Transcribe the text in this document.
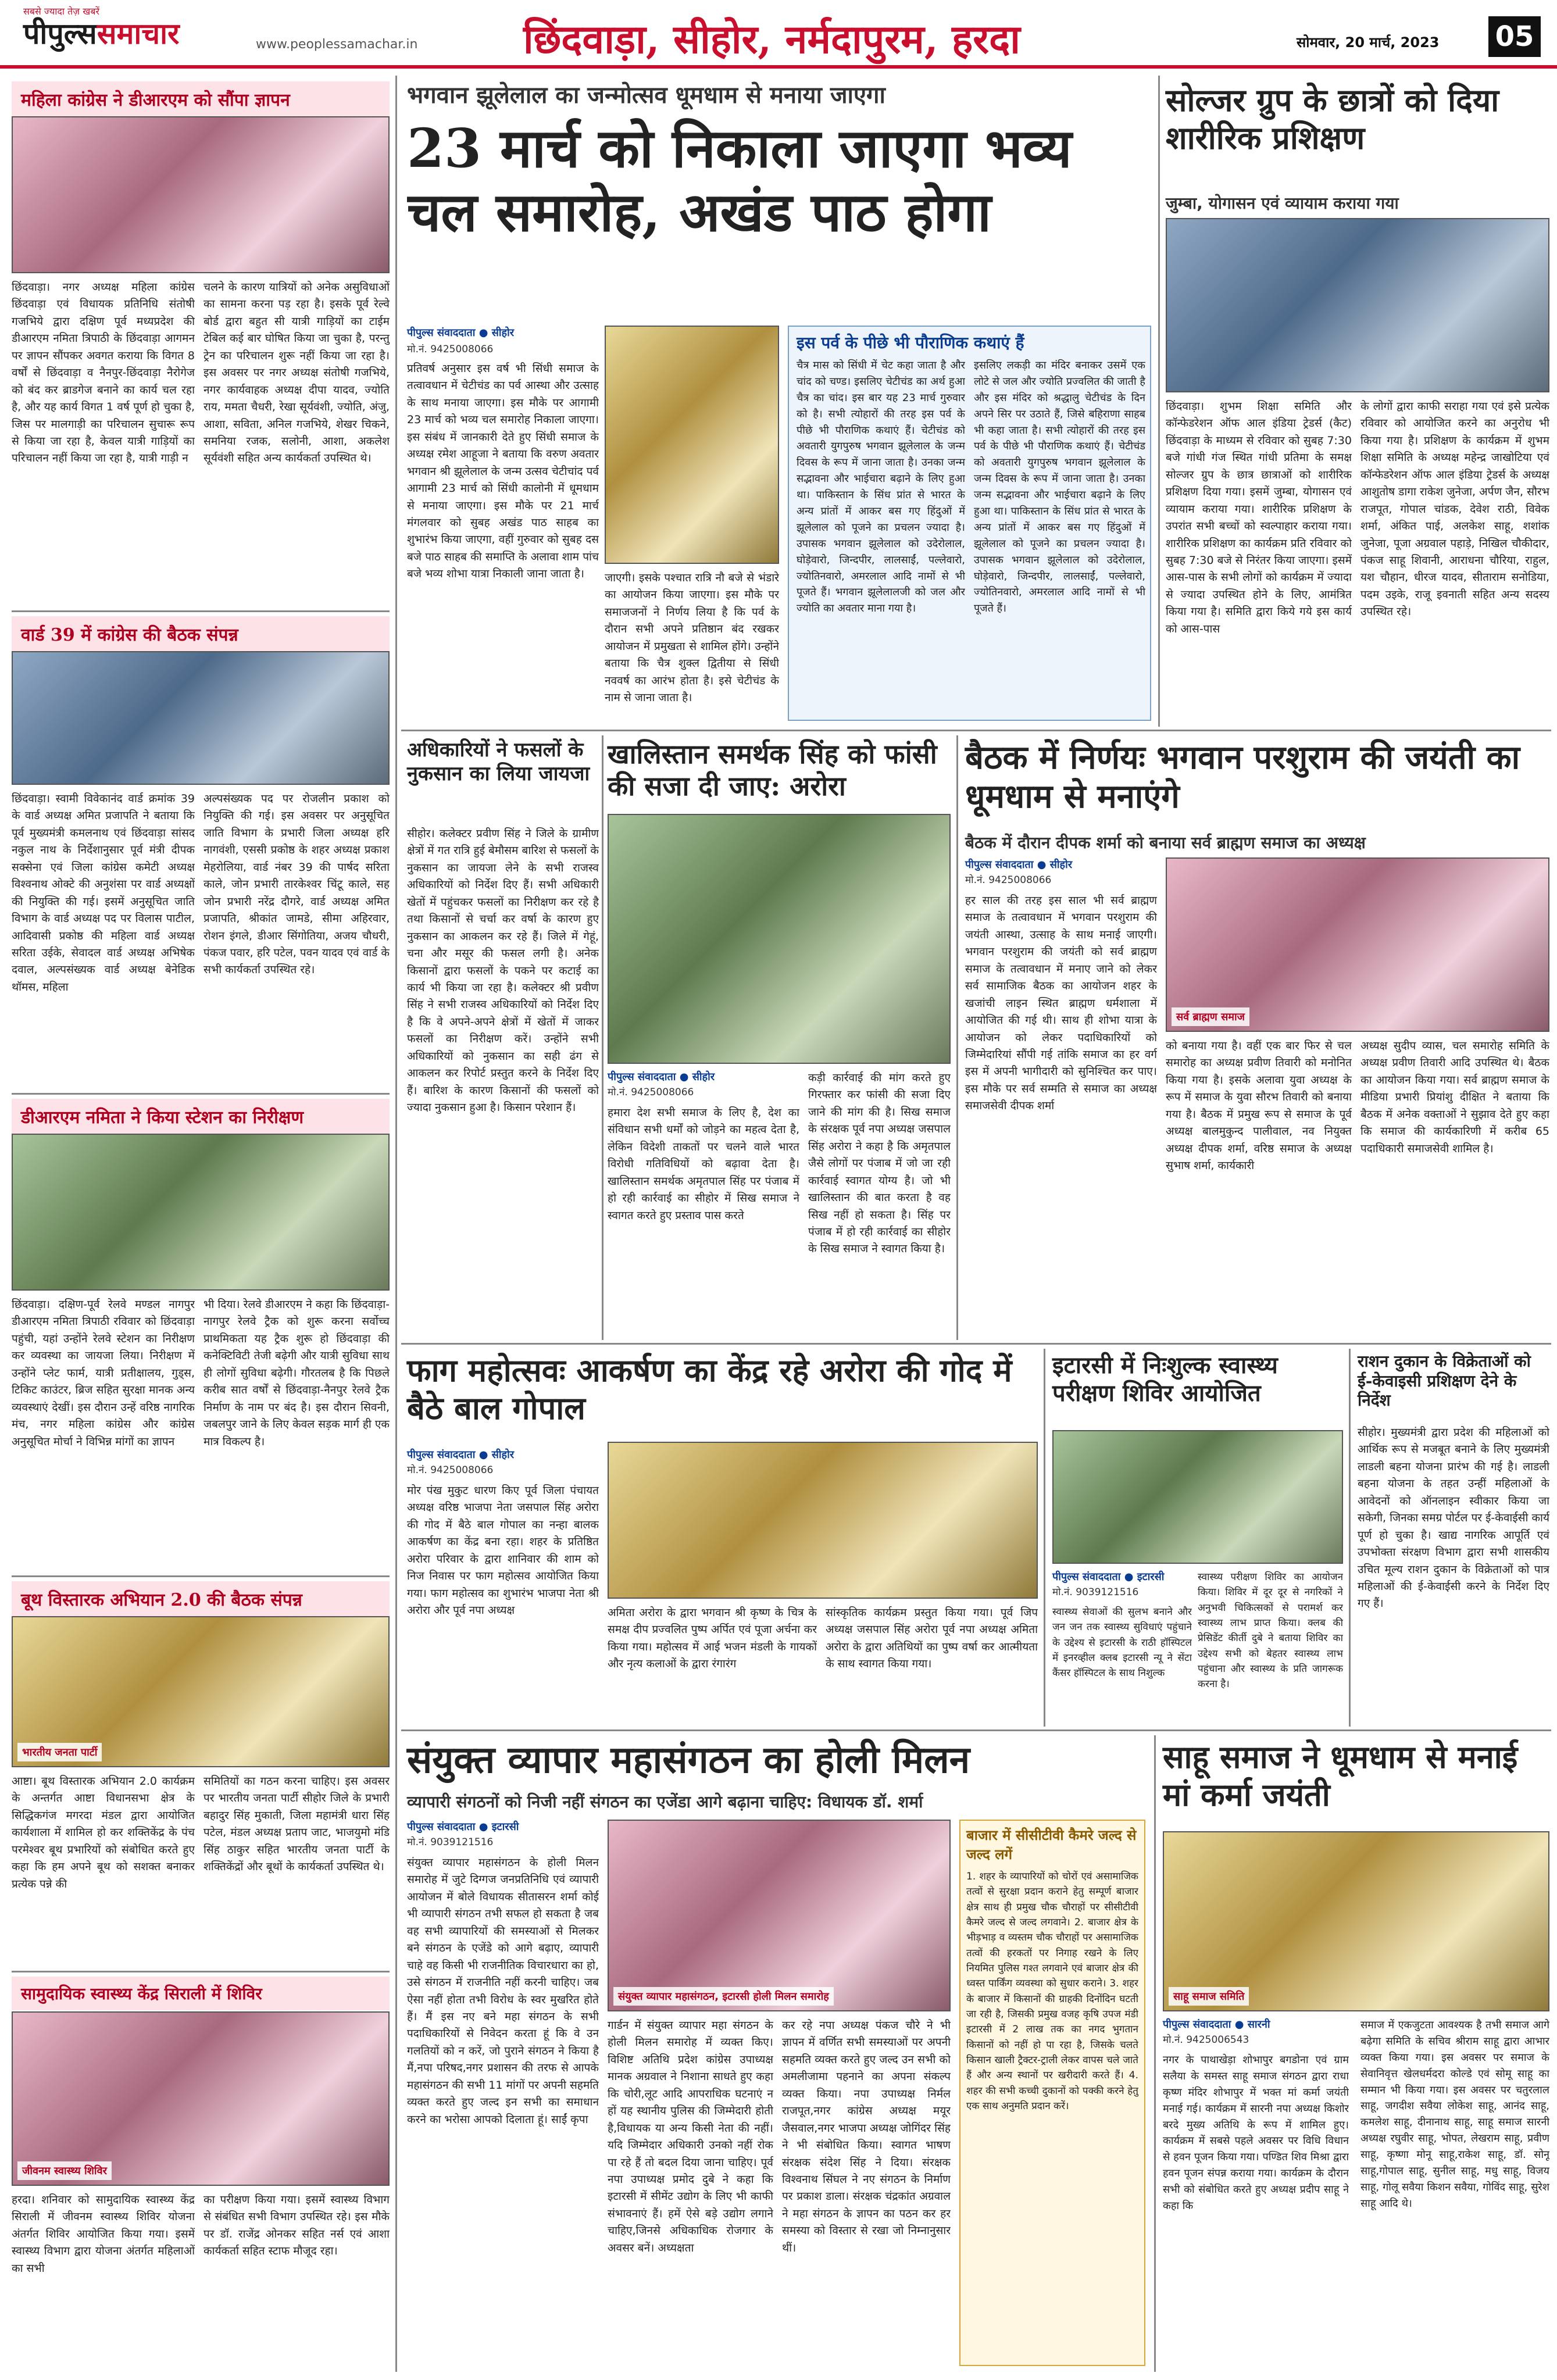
सबसे ज्यादा तेज़ खबरें
पीपुल्ससमाचार	www.peoplessamachar.in	छिंदवाड़ा, सीहोर, नर्मदापुरम, हरदा	सोमवार, 20 मार्च, 2023 05
महिला कांग्रेस ने डीआरएम को सौंपा ज्ञापन
छिंदवाड़ा। नगर अध्यक्ष महिला कांग्रेस छिंदवाड़ा एवं विधायक प्रतिनिधि संतोषी गजभिये द्वारा दक्षिण पूर्व मध्यप्रदेश की डीआरएम नमिता त्रिपाठी के छिंदवाड़ा आगमन पर ज्ञापन सौंपकर अवगत कराया कि विगत 8 वर्षों से छिंदवाड़ा व नैनपुर-छिंदवाड़ा नैरोगेज को बंद कर ब्राडगेज बनाने का कार्य चल रहा है, और यह कार्य विगत 1 वर्ष पूर्ण हो चुका है, जिस पर मालगाड़ी का परिचालन सुचारू रूप से किया जा रहा है, केवल यात्री गाड़ियों का परिचालन नहीं किया जा रहा है, यात्री गाड़ी न
चलने के कारण यात्रियों को अनेक असुविधाओं का सामना करना पड़ रहा है। इसके पूर्व रेल्वे बोर्ड द्वारा बहुत सी यात्री गाड़ियों का टाईम टेबिल कई बार घोषित किया जा चुका है, परन्तु ट्रेन का परिचालन शुरू नहीं किया जा रहा है। इस अवसर पर नगर अध्यक्ष संतोषी गजभिये, नगर कार्यवाहक अध्यक्ष दीपा यादव, ज्योति राय, ममता चैधरी, रेखा सूर्यवंशी, ज्योति, अंजु, आशा, सविता, अनिल गजभिये, शेखर चिकने, समनिया रजक, सलोनी, आशा, अकलेश सूर्यवंशी सहित अन्य कार्यकर्ता उपस्थित थे।
वार्ड 39 में कांग्रेस की बैठक संपन्न
छिंदवाड़ा। स्वामी विवेकानंद वार्ड क्रमांक 39 के वार्ड अध्यक्ष अमित प्रजापति ने बताया कि पूर्व मुख्यमंत्री कमलनाथ एवं छिंदवाड़ा सांसद नकुल नाथ के निर्देशानुसार पूर्व मंत्री दीपक सक्सेना एवं जिला कांग्रेस कमेटी अध्यक्ष विश्वनाथ ओक्टे की अनुशंसा पर वार्ड अध्यक्षों की नियुक्ति की गई। इसमें अनुसूचित जाति विभाग के वार्ड अध्यक्ष पद पर विलास पाटील, आदिवासी प्रकोष्ठ की महिला वार्ड अध्यक्ष सरिता उईके, सेवादल वार्ड अध्यक्ष अभिषेक दवाल, अल्पसंख्यक वार्ड अध्यक्ष बेनेडिक थॉमस, महिला
अल्पसंख्यक पद पर रोजलीन प्रकाश को नियुक्ति की गई। इस अवसर पर अनुसूचित जाति विभाग के प्रभारी जिला अध्यक्ष हरि नागवंशी, एससी प्रकोष्ठ के शहर अध्यक्ष प्रकाश मेहरोलिया, वार्ड नंबर 39 की पार्षद सरिता काले, जोन प्रभारी तारकेश्वर चिंटू काले, सह जोन प्रभारी नरेंद्र दौगरे, वार्ड अध्यक्ष अमित प्रजापति, श्रीकांत जामडे, सीमा अहिरवार, रोशन इंगले, डीआर सिंगोतिया, अजय चौधरी, पंकज पवार, हरि पटेल, पवन यादव एवं वार्ड के सभी कार्यकर्ता उपस्थित रहे।
डीआरएम नमिता ने किया स्टेशन का निरीक्षण
छिंदवाड़ा। दक्षिण-पूर्व रेलवे मण्डल नागपुर डीआरएम नमिता त्रिपाठी रविवार को छिंदवाड़ा पहुंची, यहां उन्होंने रेलवे स्टेशन का निरीक्षण कर व्यवस्था का जायजा लिया। निरीक्षण में उन्होंने प्लेट फार्म, यात्री प्रतीक्षालय, गुड्स, टिकिट काउंटर, ब्रिज सहित सुरक्षा मानक अन्य व्यवस्थाएं देखीं। इस दौरान उन्हें वरिष्ठ नागरिक मंच, नगर महिला कांग्रेस और कांग्रेस अनुसूचित मोर्चा ने विभिन्न मांगों का ज्ञापन
भी दिया। रेलवे डीआरएम ने कहा कि छिंदवाड़ा-नागपुर रेलवे ट्रैक को शुरू करना सर्वोच्च प्राथमिकता यह ट्रैक शुरू हो छिंदवाड़ा की कनेक्टिविटी तेजी बढ़ेगी और यात्री सुविधा साथ ही लोगों सुविधा बढ़ेगी। गौरतलब है कि पिछले करीब सात वर्षों से छिंदवाड़ा-नैनपुर रेलवे ट्रैक निर्माण के नाम पर बंद है। इस दौरान सिवनी, जबलपुर जाने के लिए केवल सड़क मार्ग ही एक मात्र विकल्प है।
बूथ विस्तारक अभियान 2.0 की बैठक संपन्न
भारतीय जनता पार्टी
आष्टा। बूथ विस्तारक अभियान 2.0 कार्यक्रम के अन्तर्गत आष्टा विधानसभा क्षेत्र के सिद्धिकगंज मगरदा मंडल द्वारा आयोजित कार्यशाला में शामिल हो कर शक्तिकेंद्र के पंच परमेश्वर बूथ प्रभारियों को संबोधित करते हुए कहा कि हम अपने बूथ को सशक्त बनाकर प्रत्येक पन्ने की
समितियों का गठन करना चाहिए। इस अवसर पर भारतीय जनता पार्टी सीहोर जिले के प्रभारी बहादुर सिंह मुकाती, जिला महामंत्री धारा सिंह पटेल, मंडल अध्यक्ष प्रताप जाट, भाजयुमो मंडि सिंह ठाकुर सहित भारतीय जनता पार्टी के शक्तिकेंद्रों और बूथों के कार्यकर्ता उपस्थित थे।
सामुदायिक स्वास्थ्य केंद्र सिराली में शिविर
जीवनम स्वास्थ्य शिविर
हरदा। शनिवार को सामुदायिक स्वास्थ्य केंद्र सिराली में जीवनम स्वास्थ्य शिविर योजना अंतर्गत शिविर आयोजित किया गया। इसमें स्वास्थ्य विभाग द्वारा योजना अंतर्गत महिलाओं का सभी
का परीक्षण किया गया। इसमें स्वास्थ्य विभाग से संबंधित सभी विभाग उपस्थित रहे। इस मौके पर डॉ. राजेंद्र ओनकर सहित नर्स एवं आशा कार्यकर्ता सहित स्टाफ मौजूद रहा।
भगवान झूलेलाल का जन्मोत्सव धूमधाम से मनाया जाएगा
23 मार्च को निकाला जाएगा भव्य चल समारोह, अखंड पाठ होगा
पीपुल्स संवाददाता ● सीहोर
मो.नं. 9425008066
प्रतिवर्ष अनुसार इस वर्ष भी सिंधी समाज के तत्वावधान में चेटीचंड का पर्व आस्था और उत्साह के साथ मनाया जाएगा। इस मौके पर आगामी 23 मार्च को भव्य चल समारोह निकाला जाएगा। इस संबंध में जानकारी देते हुए सिंधी समाज के अध्यक्ष रमेश आहूजा ने बताया कि वरुण अवतार भगवान श्री झूलेलाल के जन्म उत्सव चेटीचांद पर्व आगामी 23 मार्च को सिंधी कालोनी में धूमधाम से मनाया जाएगा। इस मौके पर 21 मार्च मंगलवार को सुबह अखंड पाठ साहब का शुभारंभ किया जाएगा, वहीं गुरुवार को सुबह दस बजे पाठ साहब की समाप्ति के अलावा शाम पांच बजे भव्य शोभा यात्रा निकाली जाना जाता है।	जाएगी। इसके पश्चात रात्रि नौ बजे से भंडारे का आयोजन किया जाएगा। इस मौके पर समाजजनों ने निर्णय लिया है कि पर्व के दौरान सभी अपने प्रतिष्ठान बंद रखकर आयोजन में प्रमुखता से शामिल होंगे। उन्होंने बताया कि चैत्र शुक्ल द्वितीया से सिंधी नववर्ष का आरंभ होता है। इसे चेटीचंड के नाम से जाना जाता है।
इस पर्व के पीछे भी पौराणिक कथाएं हैं
चैत्र मास को सिंधी में चेट कहा जाता है और चांद को चण्ड। इसलिए चेटीचंड का अर्थ हुआ चैत्र का चांद। इस बार यह 23 मार्च गुरुवार को है। सभी त्योहारों की तरह इस पर्व के पीछे भी पौराणिक कथाएं हैं। चेटीचंड को अवतारी युगपुरुष भगवान झूलेलाल के जन्म दिवस के रूप में जाना जाता है। उनका जन्म सद्भावना और भाईचारा बढ़ाने के लिए हुआ था। पाकिस्तान के सिंध प्रांत से भारत के अन्य प्रांतों में आकर बस गए हिंदुओं में झूलेलाल को पूजने का प्रचलन ज्यादा है। उपासक भगवान झूलेलाल को उदेरोलाल, घोड़ेवारो, जिन्दपीर, लालसाईं, पल्लेवारो, ज्योतिनवारो, अमरलाल आदि नामों से भी पूजते हैं। भगवान झूलेलालजी को जल और ज्योति का अवतार माना गया है।
इसलिए लकड़ी का मंदिर बनाकर उसमें एक लोटे से जल और ज्योति प्रज्वलित की जाती है और इस मंदिर को श्रद्धालु चेटीचंड के दिन अपने सिर पर उठाते हैं, जिसे बहिराणा साहब भी कहा जाता है। सभी त्योहारों की तरह इस पर्व के पीछे भी पौराणिक कथाएं हैं। चेटीचंड को अवतारी युगपुरुष भगवान झूलेलाल के जन्म दिवस के रूप में जाना जाता है। उनका जन्म सद्भावना और भाईचारा बढ़ाने के लिए हुआ था। पाकिस्तान के सिंध प्रांत से भारत के अन्य प्रांतों में आकर बस गए हिंदुओं में झूलेलाल को पूजने का प्रचलन ज्यादा है। उपासक भगवान झूलेलाल को उदेरोलाल, घोड़ेवारो, जिन्दपीर, लालसाईं, पल्लेवारो, ज्योतिनवारो, अमरलाल आदि नामों से भी पूजते हैं।
सोल्जर ग्रुप के छात्रों को दिया शारीरिक प्रशिक्षण
जुम्बा, योगासन एवं व्यायाम कराया गया
छिंदवाड़ा। शुभम शिक्षा समिति और कॉन्फेडरेशन ऑफ आल इंडिया ट्रेडर्स (कैट) छिंदवाड़ा के माध्यम से रविवार को सुबह 7:30 बजे गांधी गंज स्थित गांधी प्रतिमा के समक्ष सोल्जर ग्रुप के छात्र छात्राओं को शारीरिक प्रशिक्षण दिया गया। इसमें जुम्बा, योगासन एवं व्यायाम कराया गया। शारीरिक प्रशिक्षण के उपरांत सभी बच्चों को स्वल्पाहार कराया गया। शारीरिक प्रशिक्षण का कार्यक्रम प्रति रविवार को सुबह 7:30 बजे से निरंतर किया जाएगा। इसमें आस-पास के सभी लोगों को कार्यक्रम में ज्यादा से ज्यादा उपस्थित होने के लिए, आमंत्रित किया गया है। समिति द्वारा किये गये इस कार्य को आस-पास
के लोगों द्वारा काफी सराहा गया एवं इसे प्रत्येक रविवार को आयोजित करने का अनुरोध भी किया गया है। प्रशिक्षण के कार्यक्रम में शुभम शिक्षा समिति के अध्यक्ष महेन्द्र जाखोटिया एवं कॉन्फेडरेशन ऑफ आल इंडिया ट्रेडर्स के अध्यक्ष आशुतोष डागा राकेश जुनेजा, अर्पण जैन, सौरभ राजपूत, गोपाल चांडक, देवेश राठी, विवेक शर्मा, अंकित पाई, अलकेश साहू, शशांक जुनेजा, पूजा अग्रवाल पहाड़े, निखिल चौकीदार, पंकज साहू शिवानी, आराधना चौरिया, राहुल, यश चौहान, धीरज यादव, सीताराम सनोडिया, पदम उइके, राजू इवनाती सहित अन्य सदस्य उपस्थित रहे।
अधिकारियों ने फसलों के नुकसान का लिया जायजा
सीहोर। कलेक्टर प्रवीण सिंह ने जिले के ग्रामीण क्षेत्रों में गत रात्रि हुई बेमौसम बारिश से फसलों के नुकसान का जायजा लेने के सभी राजस्व अधिकारियों को निर्देश दिए हैं। सभी अधिकारी खेतों में पहुंचकर फसलों का निरीक्षण कर रहे है तथा किसानों से चर्चा कर वर्षा के कारण हुए नुकसान का आकलन कर रहे हैं। जिले में गेहूं, चना और मसूर की फसल लगी है। अनेक किसानों द्वारा फसलों के पकने पर कटाई का कार्य भी किया जा रहा है। कलेक्टर श्री प्रवीण सिंह ने सभी राजस्व अधिकारियों को निर्देश दिए है कि वे अपने-अपने क्षेत्रों में खेतों में जाकर फसलों का निरीक्षण करें। उन्होंने सभी अधिकारियों को नुकसान का सही ढंग से आकलन कर रिपोर्ट प्रस्तुत करने के निर्देश दिए हैं। बारिश के कारण किसानों की फसलों को ज्यादा नुकसान हुआ है। किसान परेशान हैं।
खालिस्तान समर्थक सिंह को फांसी की सजा दी जाए: अरोरा
पीपुल्स संवाददाता ● सीहोर
मो.नं. 9425008066
हमारा देश सभी समाज के लिए है, देश का संविधान सभी धर्मों को जोड़ने का महत्व देता है, लेकिन विदेशी ताकतों पर चलने वाले भारत विरोधी गतिविधियों को बढ़ावा देता है। खालिस्तान समर्थक अमृतपाल सिंह पर पंजाब में हो रही कार्रवाई का सीहोर में सिख समाज ने स्वागत करते हुए प्रस्ताव पास करते
कड़ी कार्रवाई की मांग करते हुए गिरफ्तार कर फांसी की सजा दिए जाने की मांग की है। सिख समाज के संरक्षक पूर्व नपा अध्यक्ष जसपाल सिंह अरोरा ने कहा है कि अमृतपाल जैसे लोगों पर पंजाब में जो जा रही कार्रवाई स्वागत योग्य है। जो भी खालिस्तान की बात करता है वह सिख नहीं हो सकता है। सिंह पर पंजाब में हो रही कार्रवाई का सीहोर के सिख समाज ने स्वागत किया है।
बैठक में निर्णयः भगवान परशुराम की जयंती का धूमधाम से मनाएंगे
बैठक में दौरान दीपक शर्मा को बनाया सर्व ब्राह्मण समाज का अध्यक्ष
पीपुल्स संवाददाता ● सीहोर
मो.नं. 9425008066
हर साल की तरह इस साल भी सर्व ब्राह्मण समाज के तत्वावधान में भगवान परशुराम की जयंती आस्था, उत्साह के साथ मनाई जाएगी। भगवान परशुराम की जयंती को सर्व ब्राह्मण समाज के तत्वावधान में मनाए जाने को लेकर सर्व सामाजिक बैठक का आयोजन शहर के खजांची लाइन स्थित ब्राह्मण धर्मशाला में आयोजित की गई थी। साथ ही शोभा यात्रा के आयोजन को लेकर पदाधिकारियों को जिम्मेदारियां सौंपी गई तांकि समाज का हर वर्ग इस में अपनी भागीदारी को सुनिश्चित कर पाए। इस मौके पर सर्व सम्मति से समाज का अध्यक्ष समाजसेवी दीपक शर्मा
सर्व ब्राह्मण समाज
को बनाया गया है। वहीं एक बार फिर से चल समारोह का अध्यक्ष प्रवीण तिवारी को मनोनित किया गया है। इसके अलावा युवा अध्यक्ष के रूप में समाज के युवा सौरभ तिवारी को बनाया गया है। बैठक में प्रमुख रूप से समाज के पूर्व अध्यक्ष बालमुकुन्द पालीवाल, नव नियुक्त अध्यक्ष दीपक शर्मा, वरिष्ठ समाज के अध्यक्ष सुभाष शर्मा, कार्यकारी
अध्यक्ष सुदीप व्यास, चल समारोह समिति के अध्यक्ष प्रवीण तिवारी आदि उपस्थित थे। बैठक का आयोजन किया गया। सर्व ब्राह्मण समाज के मीडिया प्रभारी प्रियांशु दीक्षित ने बताया कि बैठक में अनेक वक्ताओं ने सुझाव देते हुए कहा कि समाज की कार्यकारिणी में करीब 65 पदाधिकारी समाजसेवी शामिल है।
फाग महोत्सवः आकर्षण का केंद्र रहे अरोरा की गोद में बैठे बाल गोपाल
पीपुल्स संवाददाता ● सीहोर
मो.नं. 9425008066
मोर पंख मुकुट धारण किए पूर्व जिला पंचायत अध्यक्ष वरिष्ठ भाजपा नेता जसपाल सिंह अरोरा की गोद में बैठे बाल गोपाल का नन्हा बालक आकर्षण का केंद्र बना रहा। शहर के प्रतिष्ठित अरोरा परिवार के द्वारा शानिवार की शाम को निज निवास पर फाग महोत्सव आयोजित किया गया। फाग महोत्सव का शुभारंभ भाजपा नेता श्री अरोरा और पूर्व नपा अध्यक्ष	अमिता अरोरा के द्वारा भगवान श्री कृष्ण के चित्र के समक्ष दीप प्रज्वलित पुष्प अर्पित एवं पूजा अर्चना कर किया गया। महोत्सव में आई भजन मंडली के गायकों और नृत्य कलाओं के द्वारा रंगारंग
सांस्कृतिक कार्यक्रम प्रस्तुत किया गया। पूर्व जिप अध्यक्ष जसपाल सिंह अरोरा पूर्व नपा अध्यक्ष अमिता अरोरा के द्वारा अतिथियों का पुष्प वर्षा कर आत्मीयता के साथ स्वागत किया गया।
इटारसी में निःशुल्क स्वास्थ्य परीक्षण शिविर आयोजित
पीपुल्स संवाददाता ● इटारसी
मो.नं. 9039121516
स्वास्थ्य सेवाओं की सुलभ बनाने और जन जन तक स्वास्थ्य सुविधाएं पहुंचाने के उद्देश्य से इटारसी के राठी हॉस्पिटल में इनरव्हील क्लब इटारसी न्यू ने सेंटा कैंसर हॉस्पिटल के साथ निशुल्क
स्वास्थ्य परीक्षण शिविर का आयोजन किया। शिविर में दूर दूर से नगरिकों ने अनुभवी चिकित्सकों से परामर्श कर स्वास्थ्य लाभ प्राप्त किया। क्लब की प्रेसिडेंट कीर्ती दुबे ने बताया शिविर का उद्देश्य सभी को बेहतर स्वास्थ्य लाभ पहुंचाना और स्वास्थ्य के प्रति जागरूक करना है।
राशन दुकान के विक्रेताओं को ई-केवाइसी प्रशिक्षण देने के निर्देश
सीहोर। मुख्यमंत्री द्वारा प्रदेश की महिलाओं को आर्थिक रूप से मजबूत बनाने के लिए मुख्यमंत्री लाडली बहना योजना प्रारंभ की गई है। लाडली बहना योजना के तहत उन्हीं महिलाओं के आवेदनों को ऑनलाइन स्वीकार किया जा सकेगी, जिनका समग्र पोर्टल पर ई-केवाईसी कार्य पूर्ण हो चुका है। खाद्य नागरिक आपूर्ति एवं उपभोक्ता संरक्षण विभाग द्वारा सभी शासकीय उचित मूल्य राशन दुकान के विक्रेताओं को पात्र महिलाओं की ई-केवाईसी करने के निर्देश दिए गए हैं।
संयुक्त व्यापार महासंगठन का होली मिलन
व्यापारी संगठनों को निजी नहीं संगठन का एजेंडा आगे बढ़ाना चाहिए: विधायक डॉ. शर्मा
पीपुल्स संवाददाता ● इटारसी
मो.नं. 9039121516
संयुक्त व्यापार महासंगठन के होली मिलन समारोह में जुटे दिग्गज जनप्रतिनिधि एवं व्यापारी आयोजन में बोले विधायक सीतासरन शर्मा कोई भी व्यापारी संगठन तभी सफल हो सकता है जब वह सभी व्यापारियों की समस्याओं से मिलकर बने संगठन के एजेंडे को आगे बढ़ाए, व्यापारी चाहे वह किसी भी राजनीतिक विचारधारा का हो, उसे संगठन में राजनीति नहीं करनी चाहिए। जब ऐसा नहीं होता तभी विरोध के स्वर मुखरित होते हैं। मैं इस नए बने महा संगठन के सभी पदाधिकारियों से निवेदन करता हूं कि वे उन गलतियों को न करें, जो पुराने संगठन ने किया है मैं,नपा परिषद,नगर प्रशासन की तरफ से आपके महासंगठन की सभी 11 मांगों पर अपनी सहमति व्यक्त करते हुए जल्द इन सभी का समाधान करने का भरोसा आपको दिलाता हूं। साईं कृपा
संयुक्त व्यापार महासंगठन, इटारसी होली मिलन समारोह
गार्डन में संयुक्त व्यापार महा संगठन के होली मिलन समारोह में व्यक्त किए। विशिष्ट अतिथि प्रदेश कांग्रेस उपाध्यक्ष मानक अग्रवाल ने निशाना साधते हुए कहा कि चोरी,लूट आदि आपराधिक घटनाएं न हों यह स्थानीय पुलिस की जिम्मेदारी होती है,विधायक या अन्य किसी नेता की नहीं। यदि जिम्मेदार अधिकारी उनको नहीं रोक पा रहे हैं तो बदल दिया जाना चाहिए। पूर्व नपा उपाध्यक्ष प्रमोद दुबे ने कहा कि इटारसी में सीमेंट उद्योग के लिए भी काफी संभावनाएं हैं। हमें ऐसे बड़े उद्योग लगाने चाहिए,जिनसे अधिकाधिक रोजगार के अवसर बनें। अध्यक्षता
कर रहे नपा अध्यक्ष पंकज चौरे ने भी ज्ञापन में वर्णित सभी समस्याओं पर अपनी सहमति व्यक्त करते हुए जल्द उन सभी को अमलीजामा पहनाने का अपना संकल्प व्यक्त किया। नपा उपाध्यक्ष निर्मल राजपूत,नगर कांग्रेस अध्यक्ष मयूर जैसवाल,नगर भाजपा अध्यक्ष जोगिंदर सिंह ने भी संबोधित किया। स्वागत भाषण संरक्षक संदेश सिंह ने दिया। संरक्षक विश्वनाथ सिंघल ने नए संगठन के निर्माण पर प्रकाश डाला। संरक्षक चंद्रकांत अग्रवाल ने महा संगठन के ज्ञापन का पठन कर हर समस्या को विस्तार से रखा जो निम्नानुसार थीं।
बाजार में सीसीटीवी कैमरे जल्द से जल्द लगें
1. शहर के व्यापारियों को चोरों एवं असामाजिक तत्वों से सुरक्षा प्रदान कराने हेतु सम्पूर्ण बाजार क्षेत्र साथ ही प्रमुख चौक चौराहों पर सीसीटीवी कैमरे जल्द से जल्द लगवाने। 2. बाजार क्षेत्र के भीड़भाड़ व व्यस्तम चौक चौराहों पर असामाजिक तत्वों की हरकतों पर निगाह रखने के लिए नियमित पुलिस गश्त लगवाने एवं बाजार क्षेत्र की ध्वस्त पार्किंग व्यवस्था को सुधार कराने। 3. शहर के बाजार में किसानों की ग्राहकी दिनोंदिन घटती जा रही है, जिसकी प्रमुख वजह कृषि उपज मंडी इटारसी में 2 लाख तक का नगद भुगतान किसानों को नहीं हो पा रहा है, जिसके चलते किसान खाली ट्रैक्टर-ट्राली लेकर वापस चले जाते हैं और अन्य स्थानों पर खरीदारी करते हैं। 4. शहर की सभी कच्ची दुकानों को पक्की करने हेतु एक साथ अनुमति प्रदान करें।
साहू समाज ने धूमधाम से मनाई मां कर्मा जयंती
साहू समाज समिति
पीपुल्स संवाददाता ● सारनी
मो.नं. 9425006543
नगर के पाथाखेड़ा शोभापुर बगडोना एवं ग्राम सलैया के समस्त साहू समाज संगठन द्वारा राधा कृष्ण मंदिर शोभापुर में भक्त मां कर्मा जयंती मनाई गई। कार्यक्रम में सारनी नपा अध्यक्ष किशोर बरदे मुख्य अतिथि के रूप में शामिल हुए। कार्यक्रम में सबसे पहले अवसर पर विधि विधान से हवन पूजन किया गया। पण्डित शिव मिश्रा द्वारा हवन पूजन संपन्न कराया गया। कार्यक्रम के दौरान सभी को संबोधित करते हुए अध्यक्ष प्रदीप साहू ने कहा कि
समाज में एकजुटता आवश्यक है तभी समाज आगे बढ़ेगा समिति के सचिव श्रीराम साहू द्वारा आभार व्यक्त किया गया। इस अवसर पर समाज के सेवानिवृत्त खेलधर्मदरा कोल्डे एवं सोमू साहू का सम्मान भी किया गया। इस अवसर पर चतुरलाल साहू, जगदीश सवैया लोकेश साहू, आनंद साहू, कमलेश साहू, दीनानाथ साहू, साहू समाज सारनी अध्यक्ष रघुवीर साहू, भोपत, लेखराम साहू, प्रवीण साहू, कृष्णा मोनू साहू,राकेश साहू, डॉ. सोनू साहू,गोपाल साहू, सुनील साहू, मधु साहू, विजय साहू, गोलू सवैया किशन सवैया, गोविंद साहू, सुरेश साहू आदि थे।
